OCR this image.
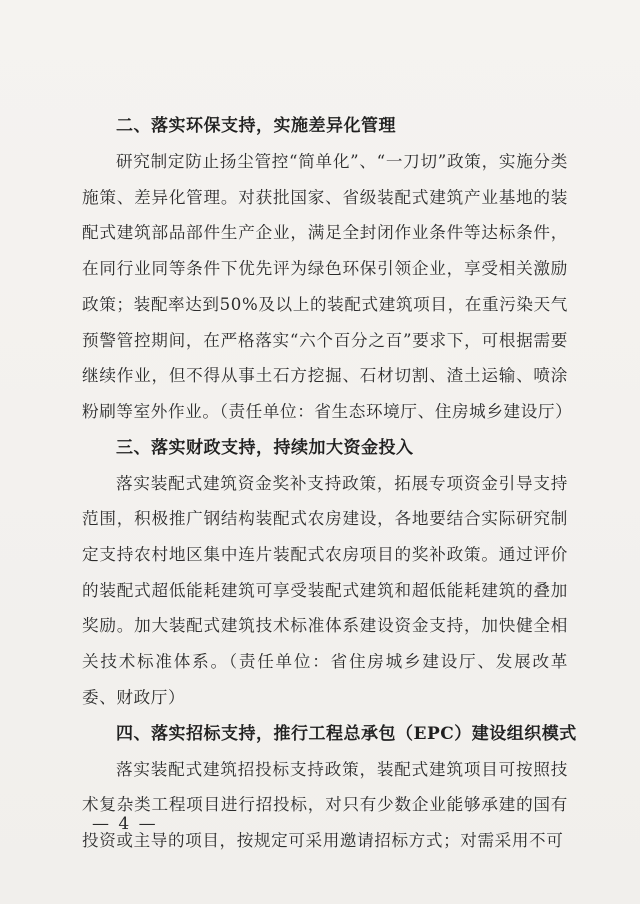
二、落实环保支持，实施差异化管理

研究制定防止扬尘管控“简单化”、“一刀切”政策，实施分类施策、差异化管理。对获批国家、省级装配式建筑产业基地的装配式建筑部品部件生产企业，满足全封闭作业条件等达标条件，在同行业同等条件下优先评为绿色环保引领企业，享受相关激励政策；装配率达到50%及以上的装配式建筑项目，在重污染天气预警管控期间，在严格落实“六个百分之百”要求下，可根据需要继续作业，但不得从事土石方挖掘、石材切割、渣土运输、喷涂粉刷等室外作业。（责任单位：省生态环境厅、住房城乡建设厅）

三、落实财政支持，持续加大资金投入

落实装配式建筑资金奖补支持政策，拓展专项资金引导支持范围，积极推广钢结构装配式农房建设，各地要结合实际研究制定支持农村地区集中连片装配式农房项目的奖补政策。通过评价的装配式超低能耗建筑可享受装配式建筑和超低能耗建筑的叠加奖励。加大装配式建筑技术标准体系建设资金支持，加快健全相关技术标准体系。（责任单位：省住房城乡建设厅、发展改革委、财政厅）

四、落实招标支持，推行工程总承包（EPC）建设组织模式

落实装配式建筑招投标支持政策，装配式建筑项目可按照技术复杂类工程项目进行招投标，对只有少数企业能够承建的国有投资或主导的项目，按规定可采用邀请招标方式；对需采用不可

— 4 —
